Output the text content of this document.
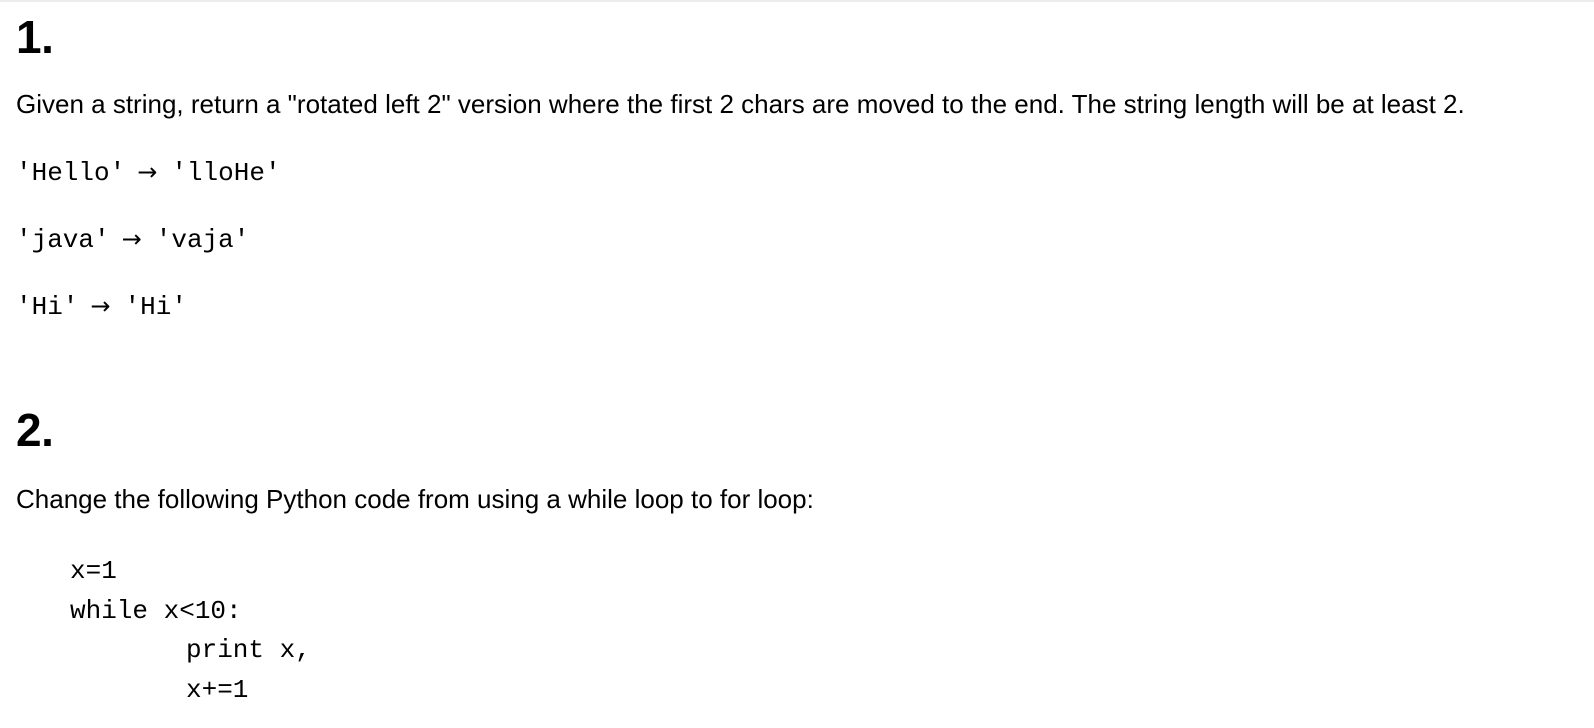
1.

Given a string, return a "rotated left 2" version where the first 2 chars are moved to the end. The string length will be at least 2.

'Hello' → 'lloHe'
'java' → 'vaja'
'Hi' → 'Hi'
2.

Change the following Python code from using a while loop to for loop:

x=1
while x<10:
print x,
x+=1
